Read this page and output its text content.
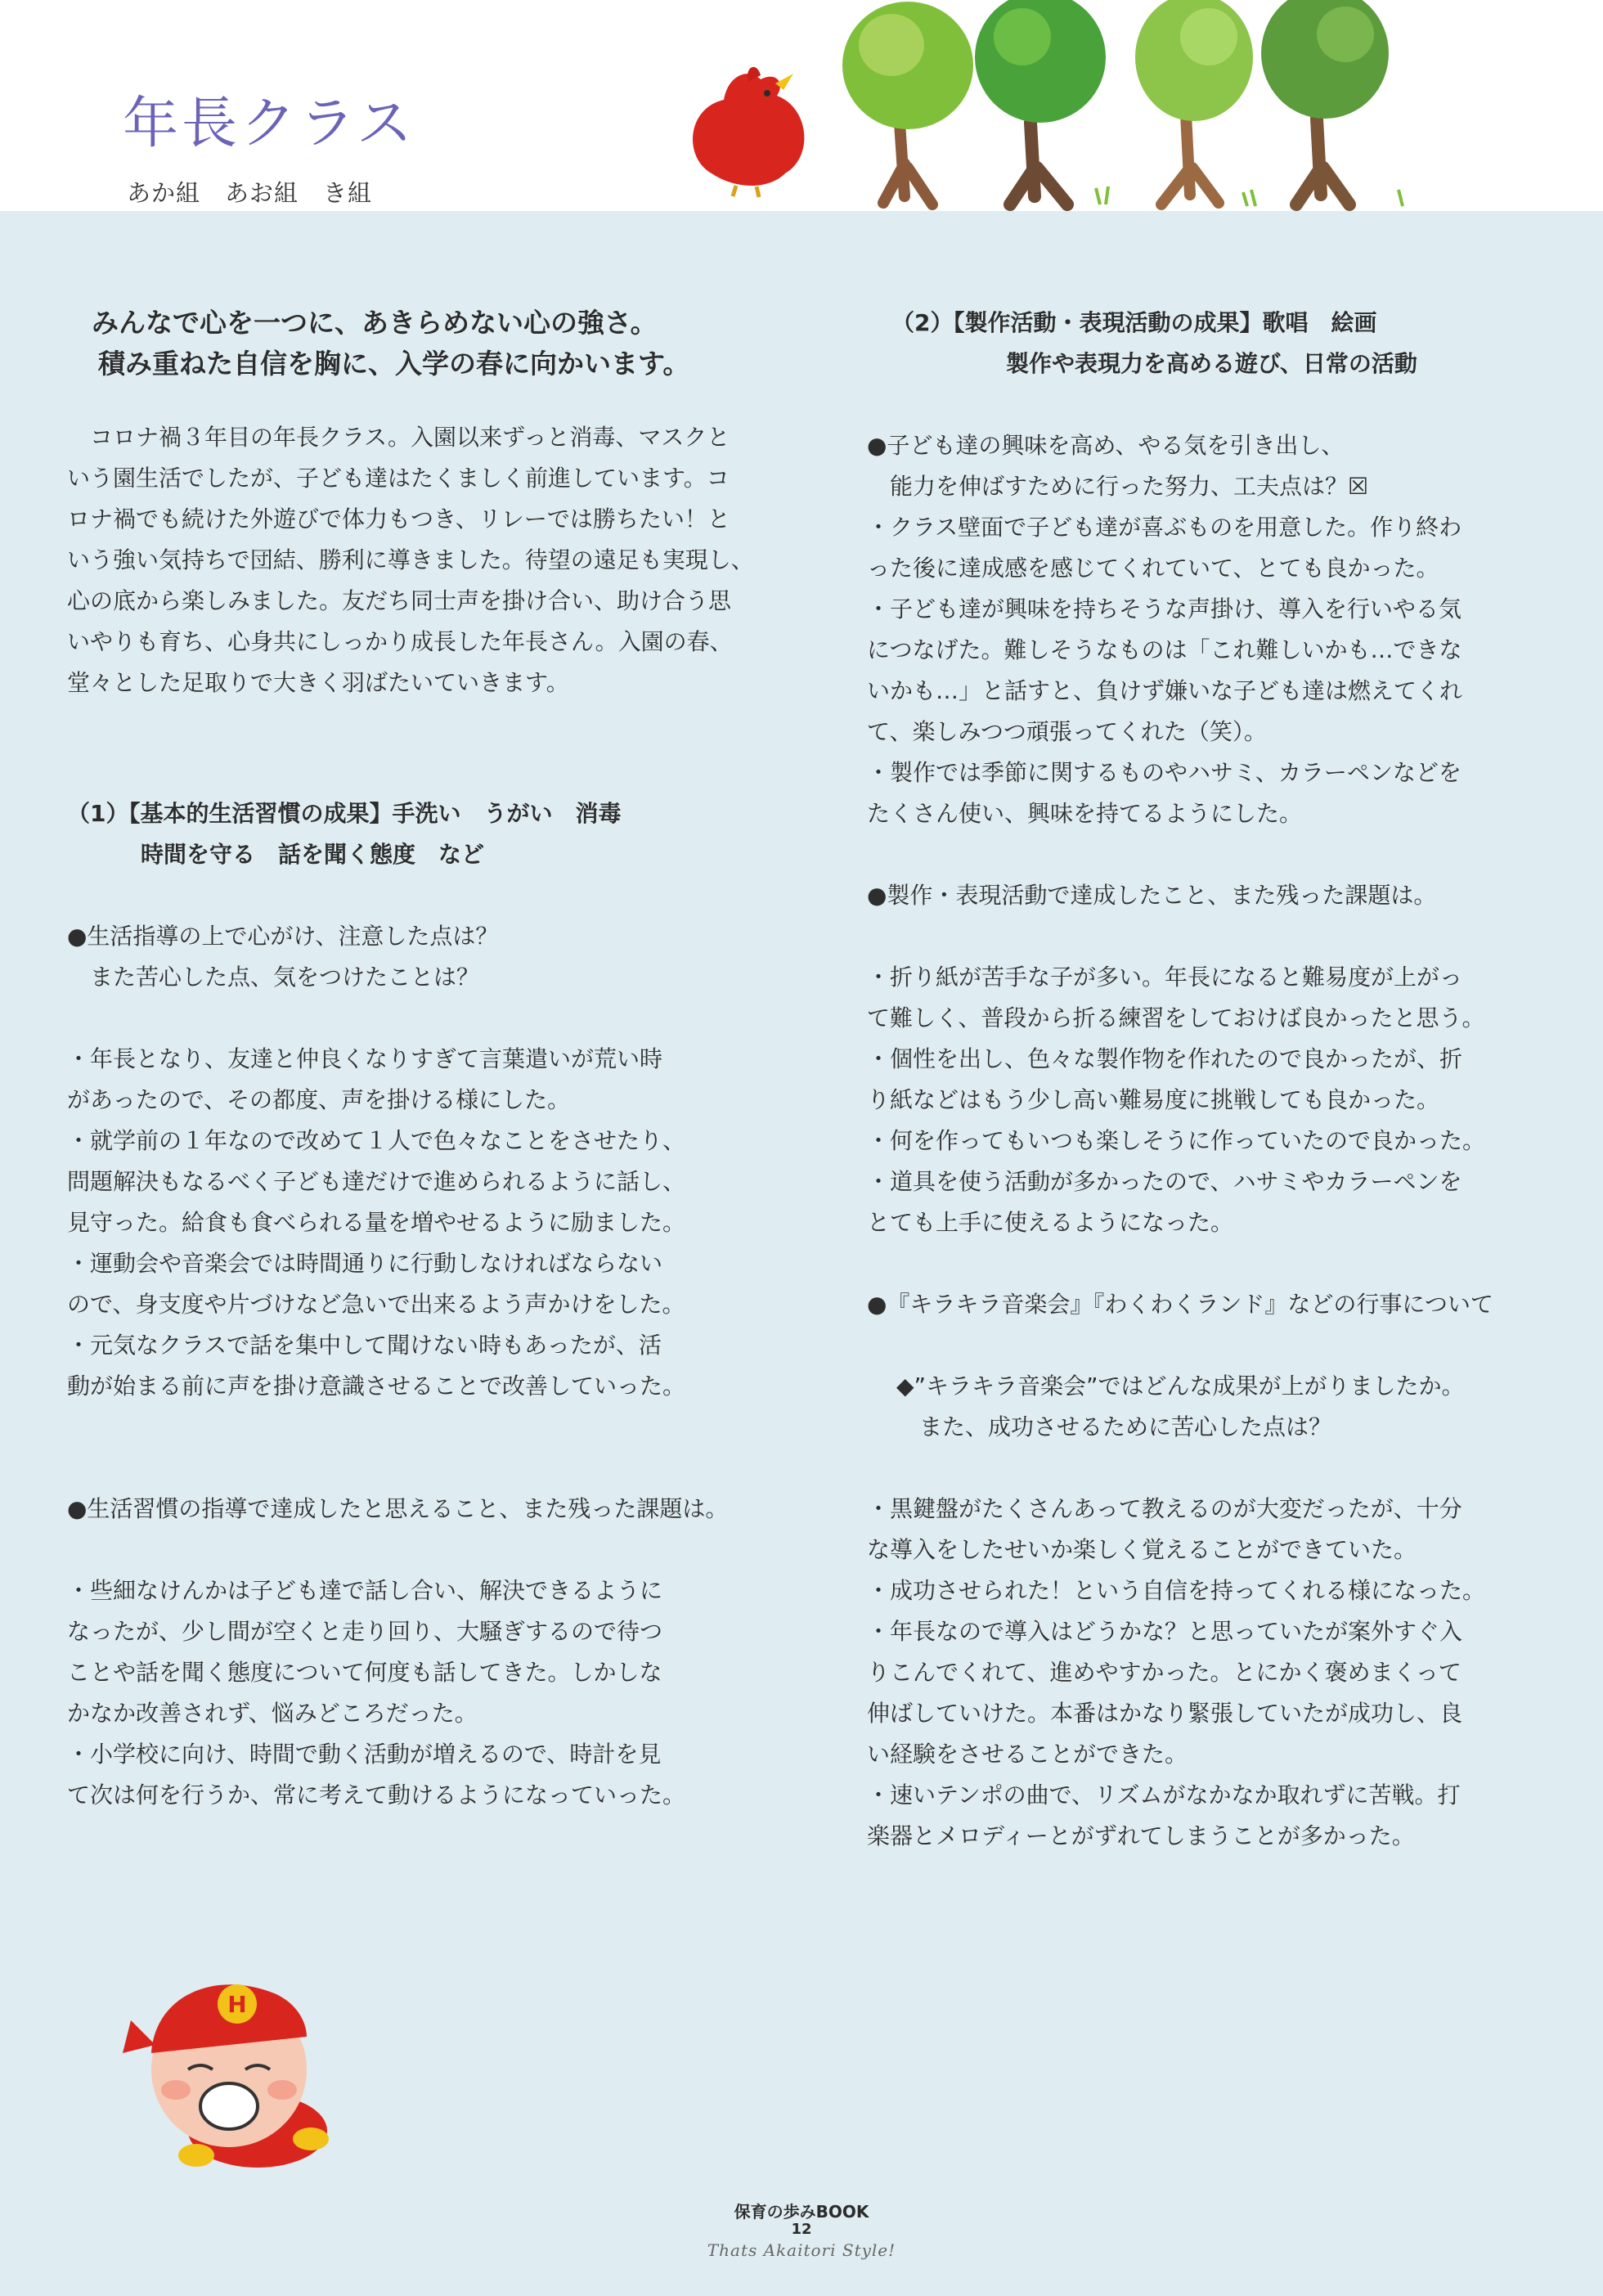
年長クラス
あか組　あお組　き組

みんなで心を一つに、あきらめない心の強さ。

積み重ねた自信を胸に、入学の春に向かいます。

　コロナ禍３年目の年長クラス。入園以来ずっと消毒、マスクと

いう園生活でしたが、子ども達はたくましく前進しています。コ

ロナ禍でも続けた外遊びで体力もつき、リレーでは勝ちたい！と

いう強い気持ちで団結、勝利に導きました。待望の遠足も実現し、

心の底から楽しみました。友だち同士声を掛け合い、助け合う思

いやりも育ち、心身共にしっかり成長した年長さん。入園の春、

堂々とした足取りで大きく羽ばたいていきます。

（1）【基本的生活習慣の成果】手洗い　うがい　消毒

時間を守る　話を聞く態度　など

●生活指導の上で心がけ、注意した点は？

　また苦心した点、気をつけたことは？

・年長となり、友達と仲良くなりすぎて言葉遣いが荒い時

があったので、その都度、声を掛ける様にした。

・就学前の１年なので改めて１人で色々なことをさせたり、

問題解決もなるべく子ども達だけで進められるように話し、

見守った。給食も食べられる量を増やせるように励ました。

・運動会や音楽会では時間通りに行動しなければならない

ので、身支度や片づけなど急いで出来るよう声かけをした。

・元気なクラスで話を集中して聞けない時もあったが、活

動が始まる前に声を掛け意識させることで改善していった。

●生活習慣の指導で達成したと思えること、また残った課題は。

・些細なけんかは子ども達で話し合い、解決できるように

なったが、少し間が空くと走り回り、大騒ぎするので待つ

ことや話を聞く態度について何度も話してきた。しかしな

かなか改善されず、悩みどころだった。

・小学校に向け、時間で動く活動が増えるので、時計を見

て次は何を行うか、常に考えて動けるようになっていった。

（2）【製作活動・表現活動の成果】歌唱　絵画

製作や表現力を高める遊び、日常の活動

●子ども達の興味を高め、やる気を引き出し、

　能力を伸ばすために行った努力、工夫点は？☒

・クラス壁面で子ども達が喜ぶものを用意した。作り終わ

った後に達成感を感じてくれていて、とても良かった。

・子ども達が興味を持ちそうな声掛け、導入を行いやる気

につなげた。難しそうなものは「これ難しいかも…できな

いかも…」と話すと、負けず嫌いな子ども達は燃えてくれ

て、楽しみつつ頑張ってくれた（笑）。

・製作では季節に関するものやハサミ、カラーペンなどを

たくさん使い、興味を持てるようにした。

●製作・表現活動で達成したこと、また残った課題は。

・折り紙が苦手な子が多い。年長になると難易度が上がっ

て難しく、普段から折る練習をしておけば良かったと思う。

・個性を出し、色々な製作物を作れたので良かったが、折

り紙などはもう少し高い難易度に挑戦しても良かった。

・何を作ってもいつも楽しそうに作っていたので良かった。

・道具を使う活動が多かったので、ハサミやカラーペンを

とても上手に使えるようになった。

●『キラキラ音楽会』『わくわくランド』などの行事について

◆”キラキラ音楽会”ではどんな成果が上がりましたか。

　また、成功させるために苦心した点は？

・黒鍵盤がたくさんあって教えるのが大変だったが、十分

な導入をしたせいか楽しく覚えることができていた。

・成功させられた！という自信を持ってくれる様になった。

・年長なので導入はどうかな？と思っていたが案外すぐ入

りこんでくれて、進めやすかった。とにかく褒めまくって

伸ばしていけた。本番はかなり緊張していたが成功し、良

い経験をさせることができた。

・速いテンポの曲で、リズムがなかなか取れずに苦戦。打

楽器とメロディーとがずれてしまうことが多かった。

H
保育の歩みBOOK
12
Thats Akaitori Style!
